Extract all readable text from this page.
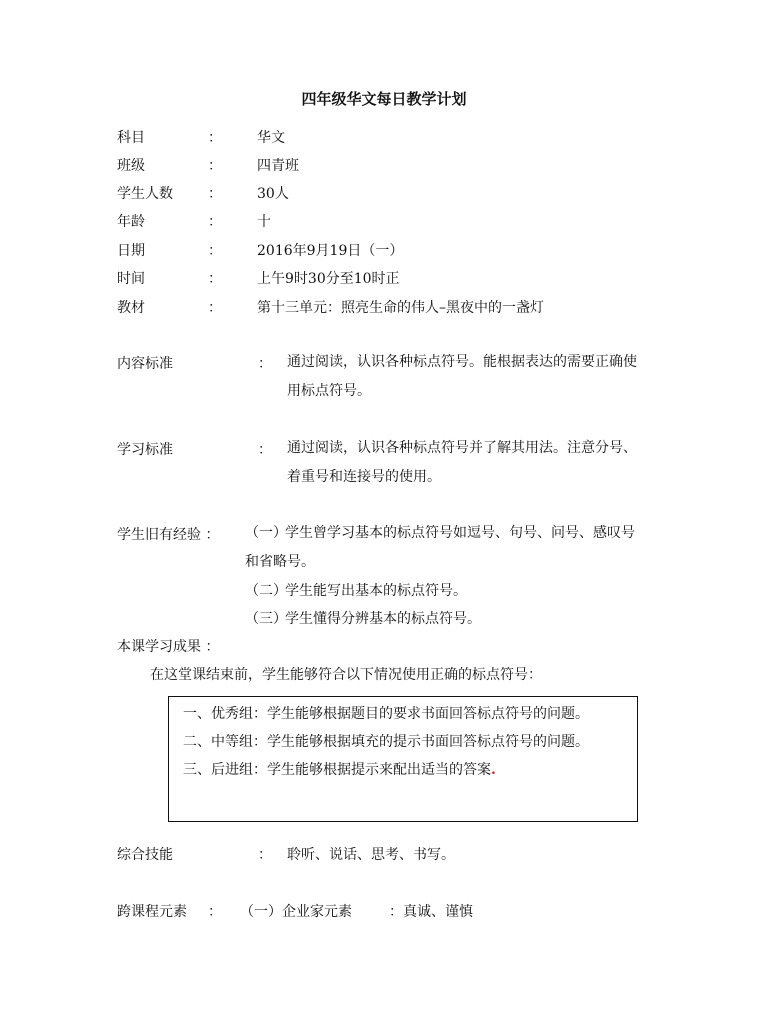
四年级华文每日教学计划
科目	：	华文
班级	：	四青班
学生人数	：	30人
年龄	：	十
日期	：	2016年9月19日（一）
时间	：	上午9时30分至10时正
教材	：	第十三单元：照亮生命的伟人–黑夜中的一盏灯
内容标准	： 通过阅读，认识各种标点符号。能根据表达的需要正确使用标点符号。
学习标准	： 通过阅读，认识各种标点符号并了解其用法。注意分号、着重号和连接号的使用。
学生旧有经验 ： （一）学生曾学习基本的标点符号如逗号、句号、问号、感叹号和省略号。
（二）学生能写出基本的标点符号。
（三）学生懂得分辨基本的标点符号。
本课学习成果 ：
在这堂课结束前，学生能够符合以下情况使用正确的标点符号：
一、优秀组：学生能够根据题目的要求书面回答标点符号的问题。
二、中等组：学生能够根据填充的提示书面回答标点符号的问题。
三、后进组：学生能够根据提示来配出适当的答案.
综合技能	： 聆听、说话、思考、书写。
跨课程元素 ： （一）企业家元素	： 真诚、谨慎
